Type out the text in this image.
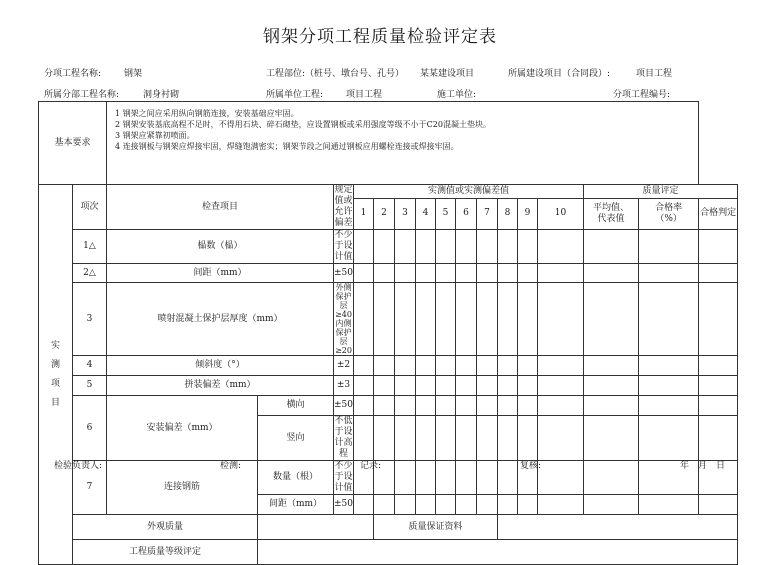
钢架分项工程质量检验评定表
分项工程名称:	钢架	工程部位:（桩号、墩台号、孔号） 某某建设项目	所属建设项目（合同段）:	项目工程
所属分部工程名称:	洞身衬砌	所属单位工程:	项目工程	施工单位:	分项工程编号:
基本要求		1 钢架之间应采用纵向钢筋连接，安装基础应牢固。
2 钢架安装基底高程不足时，不得用石块、碎石砌垫，应设置钢板或采用强度等级不小于C20混凝土垫块。
3 钢架应紧靠初喷面。
4 连接钢板与钢架应焊接牢固，焊缝饱满密实；钢架节段之间通过钢板应用螺栓连接或焊接牢固。															

实测项目	项次	检查项目		规定值或允许偏差	实测值或实测偏差值										质量评定		
					1	2	3	4	5	6	7	8	9	10	平均值、代表值	合格率（%）	合格判定
	1△	榀数（榀）		不少于设计值													
	2△	间距（mm）		±50													
	3	喷射混凝土保护层厚度（mm）		外侧保护层≥40
内侧保护层≥20													

	4	倾斜度（°）		±2													
	5	拼装偏差（mm）		±3													
	6	安装偏差（mm）	横向	±50													
			竖向	不低于设计高程													
	7	连接钢筋	数量（根）	不少于设计值													
			间距（mm）	±50													
	外观质量					质量保证资料											
	工程质量等级评定																
检验负责人:	检测:	记录:	复核:	年　月　日
